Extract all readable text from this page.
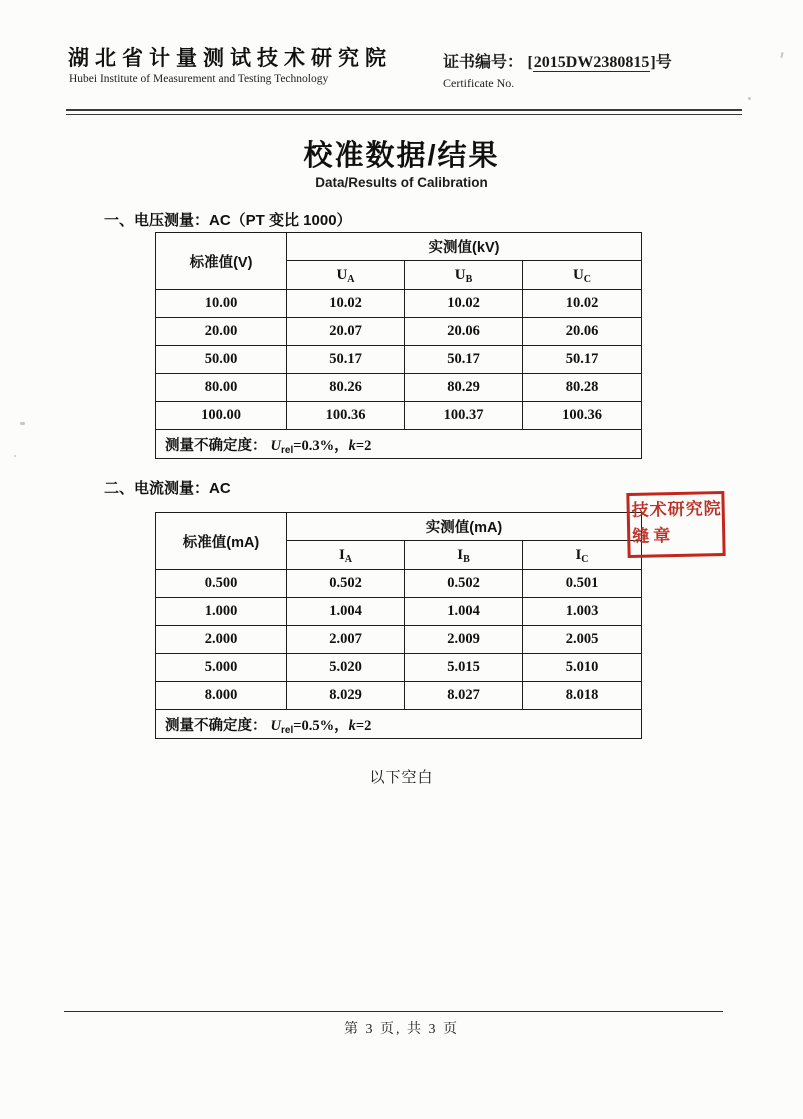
湖北省计量测试技术研究院
Hubei Institute of Measurement and Testing Technology
证书编号： [2015DW2380815]号
Certificate No.
校准数据/结果
Data/Results of Calibration
一、电压测量：AC（PT 变比 1000）
标准值(V)	实测值(kV)		
	$U_A$	$U_B$	$U_C$
10.00	10.02	10.02	10.02
20.00	20.07	20.06	20.06
50.00	50.17	50.17	50.17
80.00	80.26	80.29	80.28
100.00	100.36	100.37	100.36
测量不确定度： $U_{rel}=0.3\%$，k=2			
二、电流测量：AC
标准值(mA)	实测值(mA)		
	$I_A$	$I_B$	$I_C$
0.500	0.502	0.502	0.501
1.000	1.004	1.004	1.003
2.000	2.007	2.009	2.005
5.000	5.020	5.015	5.010
8.000	8.029	8.027	8.018
测量不确定度： $U_{rel}=0.5\%$，k=2			
技术研究院
缝章
以下空白
第 3 页, 共 3 页
